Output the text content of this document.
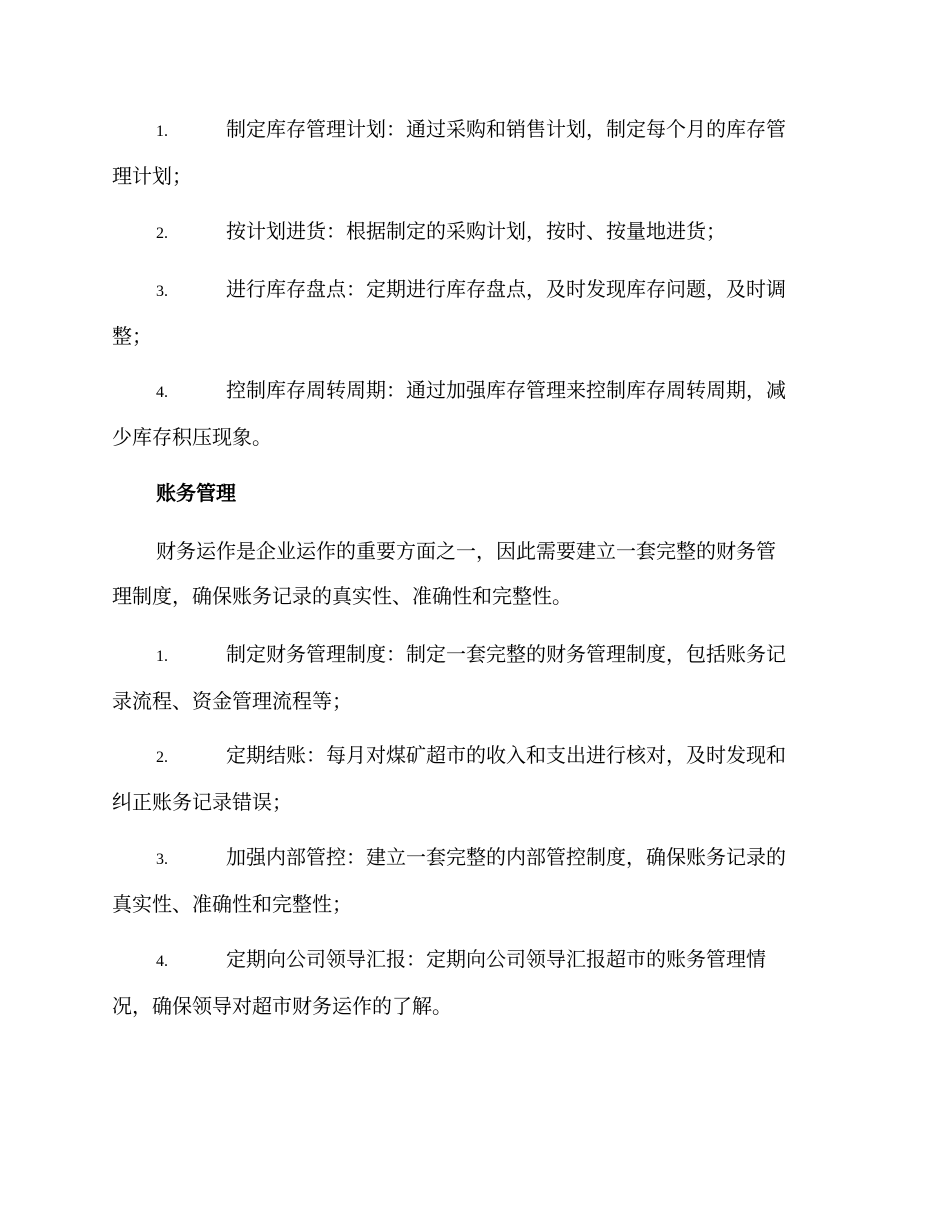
1.	制定库存管理计划：通过采购和销售计划，制定每个月的库存管
理计划；
2.	按计划进货：根据制定的采购计划，按时、按量地进货；
3.	进行库存盘点：定期进行库存盘点，及时发现库存问题，及时调
整；
4.	控制库存周转周期：通过加强库存管理来控制库存周转周期，减
少库存积压现象。
账务管理
财务运作是企业运作的重要方面之一，因此需要建立一套完整的财务管
理制度，确保账务记录的真实性、准确性和完整性。
1.	制定财务管理制度：制定一套完整的财务管理制度，包括账务记
录流程、资金管理流程等；
2.	定期结账：每月对煤矿超市的收入和支出进行核对，及时发现和
纠正账务记录错误；
3.	加强内部管控：建立一套完整的内部管控制度，确保账务记录的
真实性、准确性和完整性；
4.	定期向公司领导汇报：定期向公司领导汇报超市的账务管理情
况，确保领导对超市财务运作的了解。
